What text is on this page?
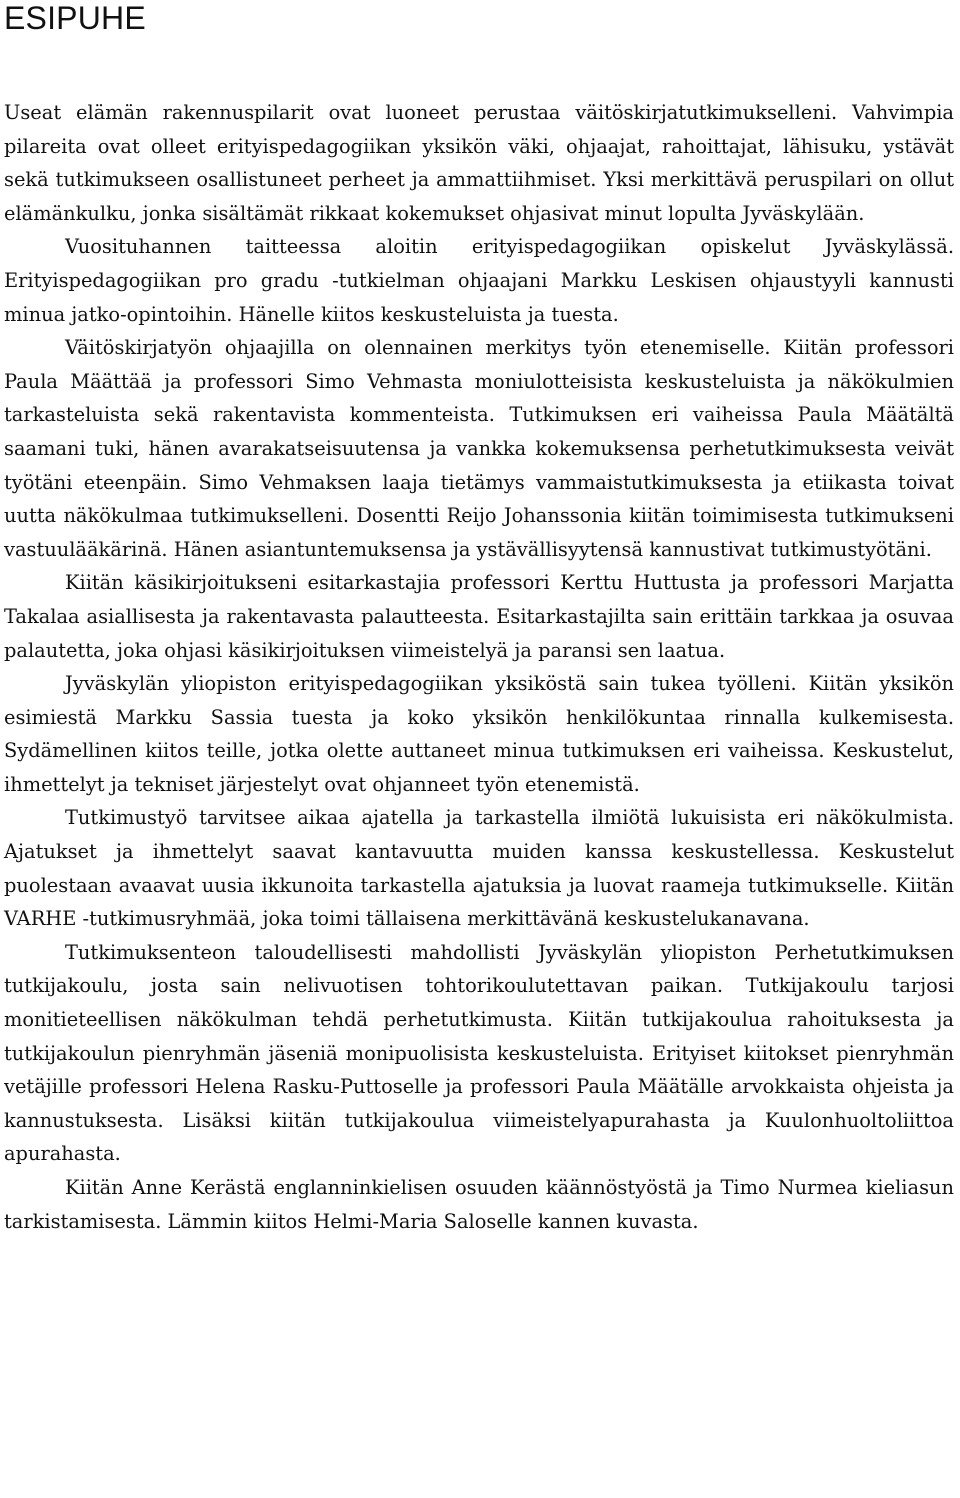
ESIPUHE

Useat elämän rakennuspilarit ovat luoneet perustaa väitöskirjatutkimukselleni. Vahvimpia pilareita ovat olleet erityispedagogiikan yksikön väki, ohjaajat, rahoittajat, lähisuku, ystävät sekä tutkimukseen osallistuneet perheet ja ammattiihmiset. Yksi merkittävä peruspilari on ollut elämänkulku, jonka sisältämät rikkaat kokemukset ohjasivat minut lopulta Jyväskylään.

Vuosituhannen taitteessa aloitin erityispedagogiikan opiskelut Jyväskylässä. Erityispedagogiikan pro gradu -tutkielman ohjaajani Markku Leskisen ohjaustyyli kannusti minua jatko-opintoihin. Hänelle kiitos keskusteluista ja tuesta.

Väitöskirjatyön ohjaajilla on olennainen merkitys työn etenemiselle. Kiitän professori Paula Määttää ja professori Simo Vehmasta moniulotteisista keskusteluista ja näkökulmien tarkasteluista sekä rakentavista kommenteista. Tutkimuksen eri vaiheissa Paula Määtältä saamani tuki, hänen avarakatseisuutensa ja vankka kokemuksensa perhetutkimuksesta veivät työtäni eteenpäin. Simo Vehmaksen laaja tietämys vammaistutkimuksesta ja etiikasta toivat uutta näkökulmaa tutkimukselleni. Dosentti Reijo Johanssonia kiitän toimimisesta tutkimukseni vastuulääkärinä. Hänen asiantuntemuksensa ja ystävällisyytensä kannustivat tutkimustyötäni.

Kiitän käsikirjoitukseni esitarkastajia professori Kerttu Huttusta ja professori Marjatta Takalaa asiallisesta ja rakentavasta palautteesta. Esitarkastajilta sain erittäin tarkkaa ja osuvaa palautetta, joka ohjasi käsikirjoituksen viimeistelyä ja paransi sen laatua.

Jyväskylän yliopiston erityispedagogiikan yksiköstä sain tukea työlleni. Kiitän yksikön esimiestä Markku Sassia tuesta ja koko yksikön henkilökuntaa rinnalla kulkemisesta. Sydämellinen kiitos teille, jotka olette auttaneet minua tutkimuksen eri vaiheissa. Keskustelut, ihmettelyt ja tekniset järjestelyt ovat ohjanneet työn etenemistä.

Tutkimustyö tarvitsee aikaa ajatella ja tarkastella ilmiötä lukuisista eri näkökulmista. Ajatukset ja ihmettelyt saavat kantavuutta muiden kanssa keskustellessa. Keskustelut puolestaan avaavat uusia ikkunoita tarkastella ajatuksia ja luovat raameja tutkimukselle. Kiitän VARHE -tutkimusryhmää, joka toimi tällaisena merkittävänä keskustelukanavana.

Tutkimuksenteon taloudellisesti mahdollisti Jyväskylän yliopiston Perhetutkimuksen tutkijakoulu, josta sain nelivuotisen tohtorikoulutettavan paikan. Tutkijakoulu tarjosi monitieteellisen näkökulman tehdä perhetutkimusta. Kiitän tutkijakoulua rahoituksesta ja tutkijakoulun pienryhmän jäseniä monipuolisista keskusteluista. Erityiset kiitokset pienryhmän vetäjille professori Helena Rasku-Puttoselle ja professori Paula Määtälle arvokkaista ohjeista ja kannustuksesta. Lisäksi kiitän tutkijakoulua viimeistelyapurahasta ja Kuulonhuoltoliittoa apurahasta.

Kiitän Anne Kerästä englanninkielisen osuuden käännöstyöstä ja Timo Nurmea kieliasun tarkistamisesta. Lämmin kiitos Helmi-Maria Saloselle kannen kuvasta.
